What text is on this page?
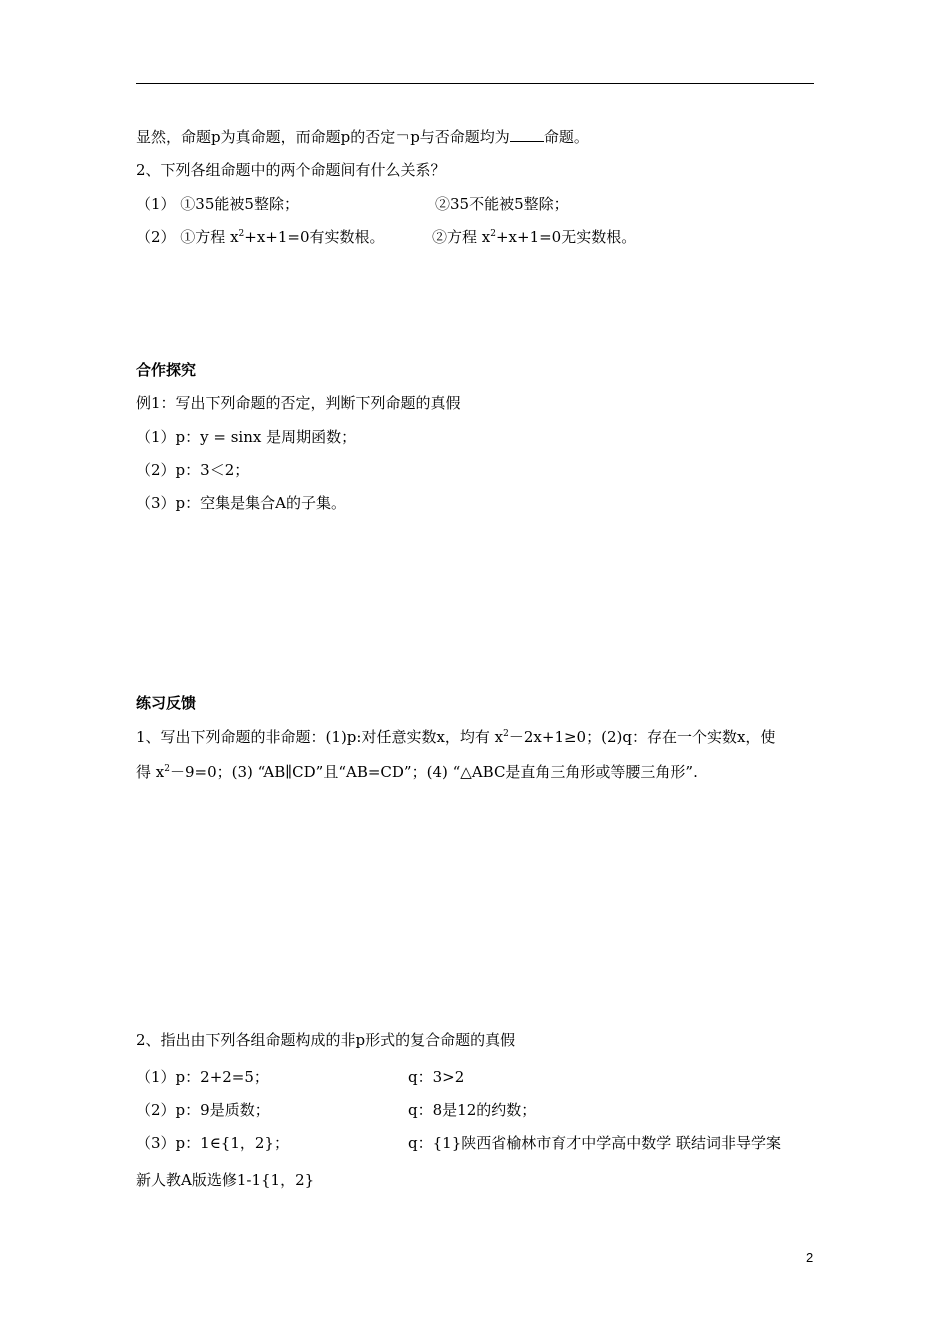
显然，命题p为真命题，而命题p的否定￢p与否命题均为 命题。
2、下列各组命题中的两个命题间有什么关系？
（1） ①35能被5整除；	②35不能被5整除；
（2） ①方程 $x^2+x+1=0$有实数根。	②方程 $x^2+x+1=0$无实数根。
合作探究
例1：写出下列命题的否定，判断下列命题的真假
（1）p：y = sinx 是周期函数；
（2）p：3＜2；
（3）p：空集是集合A的子集。
练习反馈
1、写出下列命题的非命题：(1)p:对任意实数x，均有 $x^2-2x+1\ge 0$；(2)q：存在一个实数x，使
得 $x^2-9=0$；(3) “AB∥CD”且“AB=CD”；(4) “△ABC是直角三角形或等腰三角形”.
2、指出由下列各组命题构成的非p形式的复合命题的真假
（1）p：2+2=5；	q：3>2
（2）p：9是质数；	q：8是12的约数；
（3）p：1∈{1，2}；	q：{1}陕西省榆林市育才中学高中数学 联结词非导学案
新人教A版选修1-1{1，2}
2
